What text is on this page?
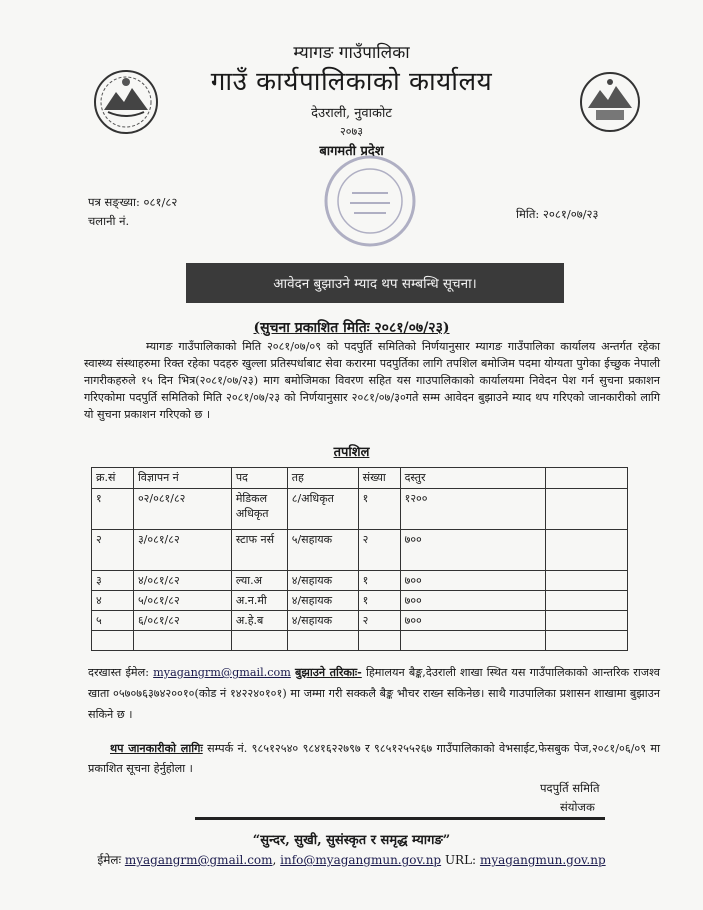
म्यागङ गाउँपालिका
गाउँ कार्यपालिकाको कार्यालय
देउराली, नुवाकोट
२०७३
बागमती प्रदेश
पत्र सङ्ख्या: ०८१/८२
चलानी नं.	मिति: २०८१/०७/२३
आवेदन बुझाउने म्याद थप सम्बन्धि सूचना।
(सुचना प्रकाशित मितिः २०८१/०७/२३)
म्यागङ गाउँपालिकाको मिति २०८१/०७/०९ को पदपुर्ति समितिको निर्णयानुसार म्यागङ गाउँपालिका कार्यालय अन्तर्गत रहेका स्वास्थ्य संस्थाहरुमा रिक्त रहेका पदहरु खुल्ला प्रतिस्पर्धाबाट सेवा करारमा पदपुर्तिका लागि तपशिल बमोजिम पदमा योग्यता पुगेका ईच्छुक नेपाली नागरीकहरुले १५ दिन भित्र(२०८१/०७/२३) माग बमोजिमका विवरण सहित यस गाउपालिकाको कार्यालयमा निवेदन पेश गर्न सुचना प्रकाशन गरिएकोमा पदपुर्ति समितिको मिति २०८१/०७/२३ को निर्णयानुसार २०८१/०७/३०गते सम्म आवेदन बुझाउने म्याद थप गरिएको जानकारीको लागि यो सुचना प्रकाशन गरिएको छ ।
तपशिल
क्र.सं	विज्ञापन नं	पद	तह	संख्या	दस्तुर	
१	०२/०८१/८२	मेडिकल अधिकृत	८/अधिकृत	१	१२००	
२	३/०८१/८२	स्टाफ नर्स	५/सहायक	२	७००	
३	४/०८१/८२	ल्या.अ	४/सहायक	१	७००	
४	५/०८१/८२	अ.न.मी	४/सहायक	१	७००	
५	६/०८१/८२	अ.हे.ब	४/सहायक	२	७००	

दरखास्त ईमेल: myagangrm@gmail.com बुझाउने तरिकाः- हिमालयन बैङ्क,देउराली शाखा स्थित यस गाउँपालिकाको आन्तरिक राजश्व खाता ०५७०७६३७४२००१०(कोड नं १४२२४०१०१) मा जम्मा गरी सक्कलै बैङ्क भौचर राख्न सकिनेछ। साथै गाउपालिका प्रशासन शाखामा बुझाउन सकिने छ ।
थप जानकारीको लागिः सम्पर्क नं. ९८५१२५४० ९८४१६२२७९७ र ९८५१२५५२६७ गाउँपालिकाको वेभसाईट,फेसबुक पेज,२०८१/०६/०९ मा प्रकाशित सूचना हेर्नुहोला ।
पदपुर्ति समिति
संयोजक
“सुन्दर, सुखी, सुसंस्कृत र समृद्ध म्यागङ”
ईमेलः myagangrm@gmail.com, info@myagangmun.gov.np URL: myagangmun.gov.np
